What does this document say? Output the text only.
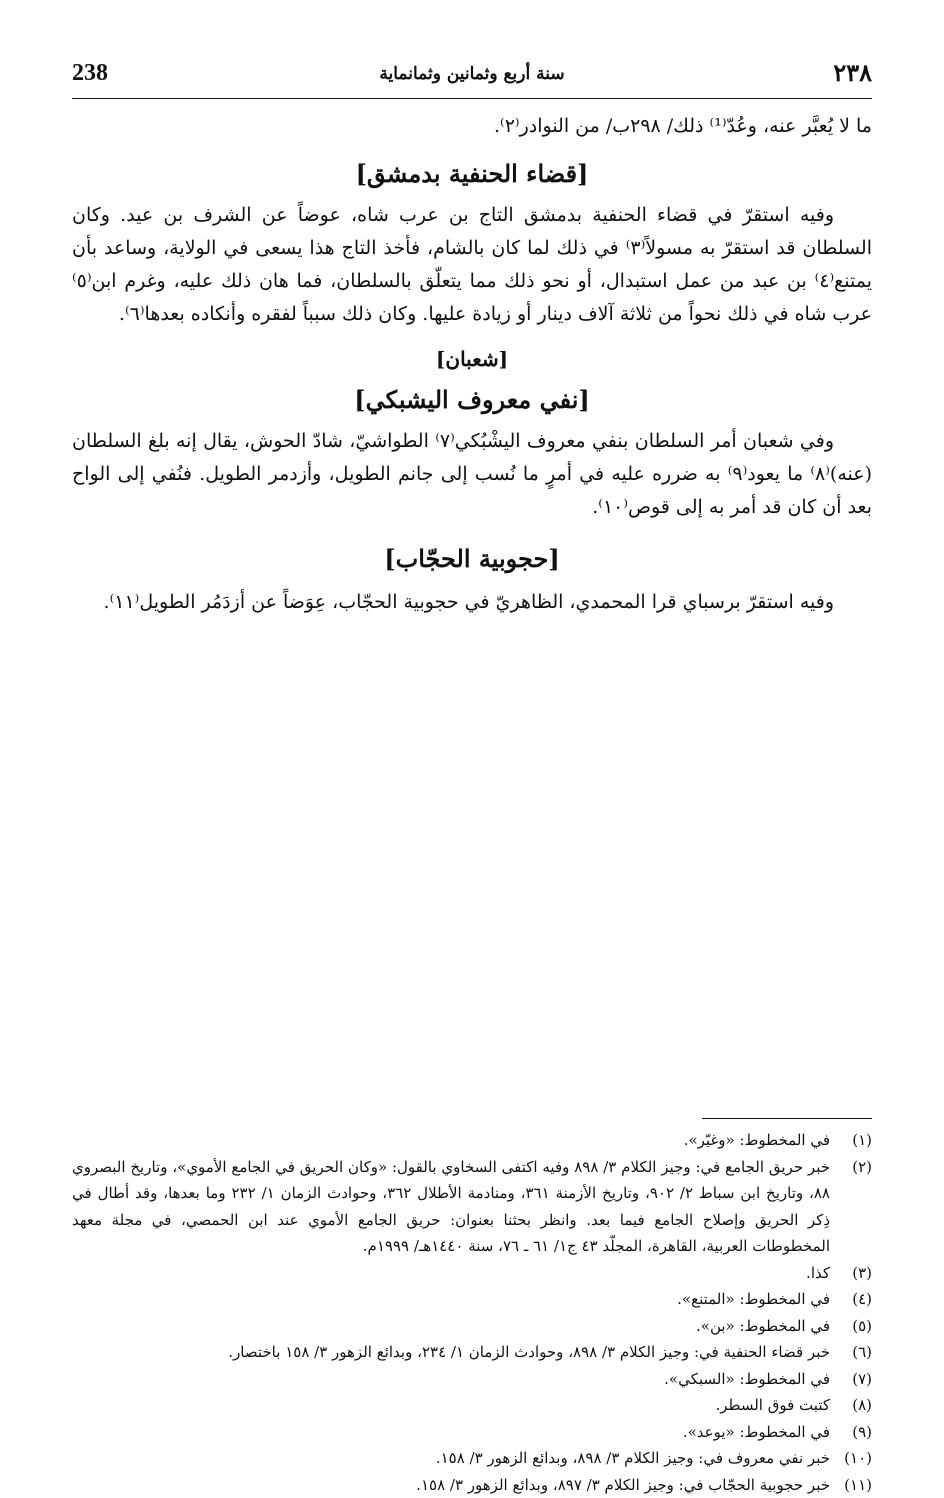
238	سنة أربع وثمانين وثمانماية	٢٣٨

ما لا يُعبَّر عنه، وعُدّ⁽¹⁾ ذلك/ ٢٩٨ب/ من النوادر⁽٢⁾.

[قضاء الحنفية بدمشق]

وفيه استقرّ في قضاء الحنفية بدمشق التاج بن عرب شاه، عوضاً عن الشرف بن عيد. وكان السلطان قد استقرّ به مسولاً⁽٣⁾ في ذلك لما كان بالشام، فأخذ التاج هذا يسعى في الولاية، وساعد بأن يمتنع⁽٤⁾ بن عبد من عمل استبدال، أو نحو ذلك مما يتعلّق بالسلطان، فما هان ذلك عليه، وغرم ابن⁽٥⁾ عرب شاه في ذلك نحواً من ثلاثة آلاف دينار أو زيادة عليها. وكان ذلك سبباً لفقره وأنكاده بعدها⁽٦⁾.

[شعبان]
[نفي معروف اليشبكي]

وفي شعبان أمر السلطان بنفي معروف اليشْبُكي⁽٧⁾ الطواشيّ، شادّ الحوش، يقال إنه بلغ السلطان (عنه)⁽٨⁾ ما يعود⁽٩⁾ به ضرره عليه في أمرٍ ما نُسب إلى جانم الطويل، وأزدمر الطويل. فنُفي إلى الواح بعد أن كان قد أمر به إلى قوص⁽١٠⁾.

[حجوبية الحجّاب]

وفيه استقرّ برسباي قرا المحمدي، الظاهريّ في حجوبية الحجّاب، عِوَضاً عن أزدَمُر الطويل⁽١١⁾.

(١)
في المخطوط: «وغيّر».
(٢)
خبر حريق الجامع في: وجيز الكلام ٣/ ٨٩٨ وفيه اكتفى السخاوي بالقول: «وكان الحريق في الجامع الأموي»، وتاريخ البصروي ٨٨، وتاريخ ابن سباط ٢/ ٩٠٢، وتاريخ الأزمنة ٣٦١، ومنادمة الأطلال ٣٦٢، وحوادث الزمان ١/ ٢٣٢ وما بعدها، وقد أطال في ذِكر الحريق وإصلاح الجامع فيما بعد. وانظر بحثنا بعنوان: حريق الجامع الأموي عند ابن الحمصي، في مجلة معهد المخطوطات العربية، القاهرة، المجلّد ٤٣ ج١/ ٦١ ـ ٧٦، سنة ١٤٤٠هـ/ ١٩٩٩م.
(٣)
كذا.
(٤)
في المخطوط: «المتنع».
(٥)
في المخطوط: «بن».
(٦)
خبر قضاء الحنفية في: وجيز الكلام ٣/ ٨٩٨، وحوادث الزمان ١/ ٢٣٤، وبدائع الزهور ٣/ ١٥٨ باختصار.
(٧)
في المخطوط: «السبكي».
(٨)
كتبت فوق السطر.
(٩)
في المخطوط: «يوعد».
(١٠)
خبر نفي معروف في: وجيز الكلام ٣/ ٨٩٨، وبدائع الزهور ٣/ ١٥٨.
(١١)
خبر حجوبية الحجّاب في: وجيز الكلام ٣/ ٨٩٧، وبدائع الزهور ٣/ ١٥٨.
